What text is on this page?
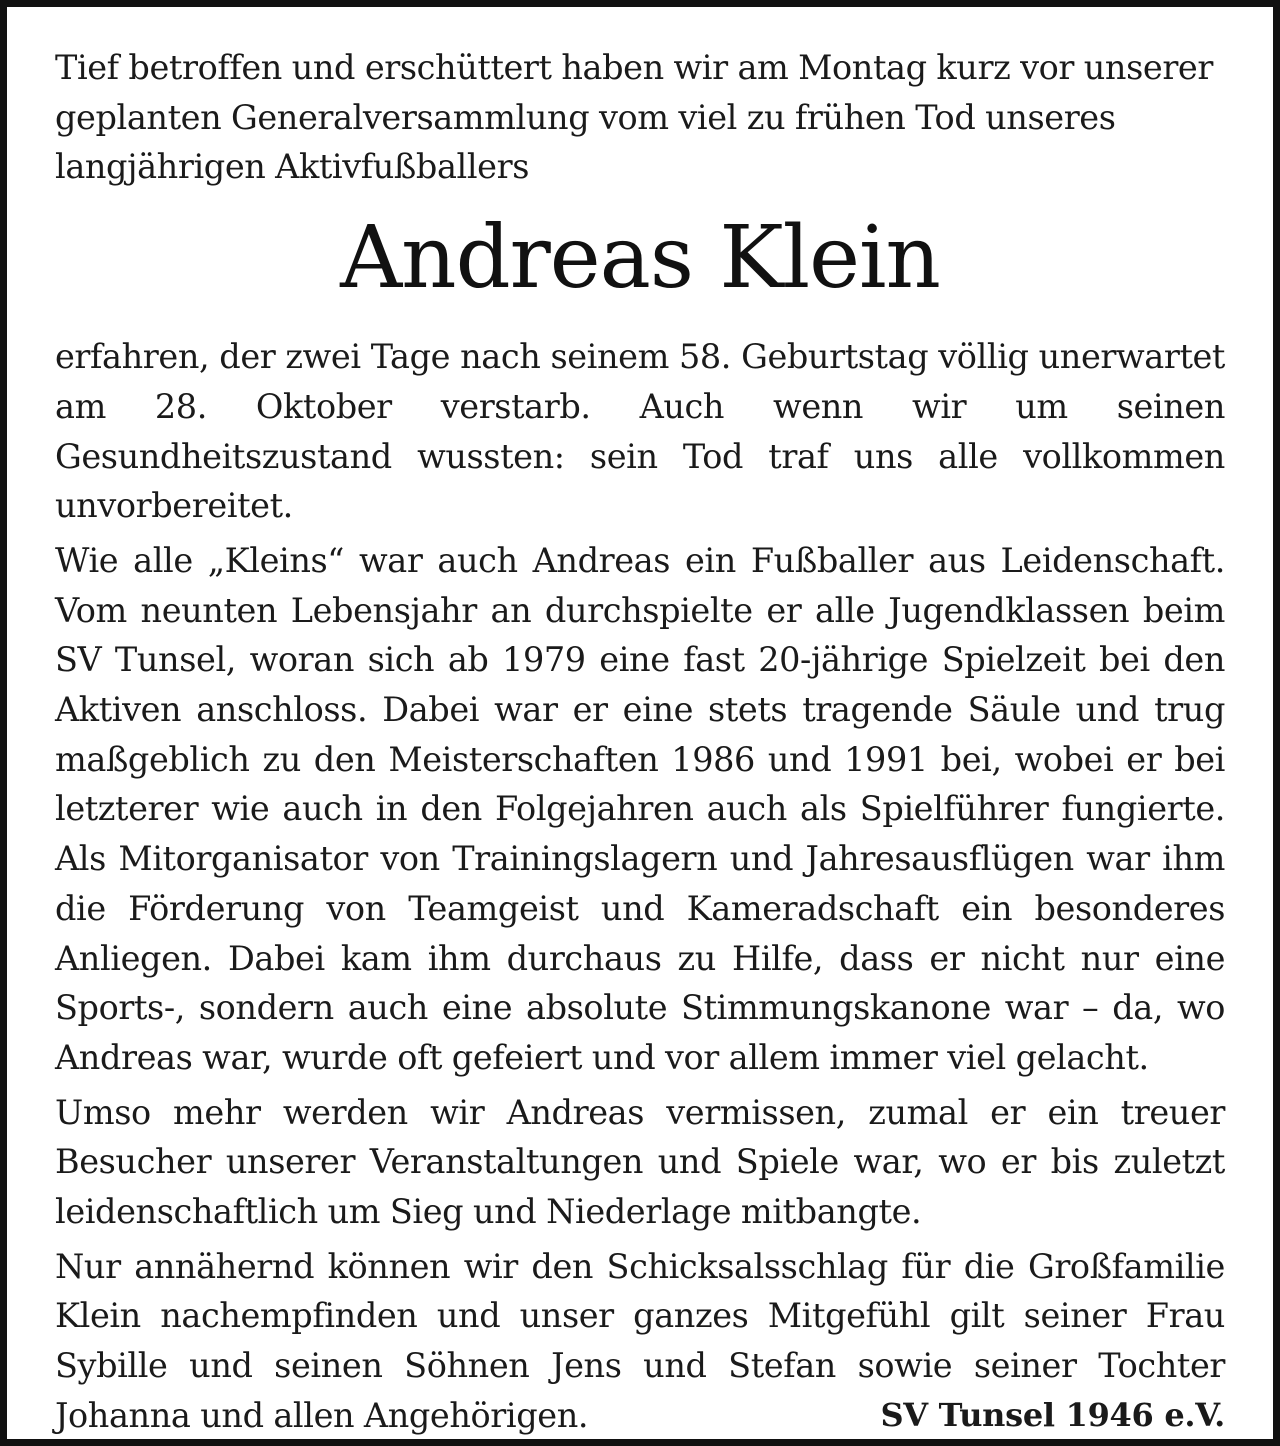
Tief betroffen und erschüttert haben wir am Montag kurz vor unserer geplanten Generalversammlung vom viel zu frühen Tod unseres langjährigen Aktivfußballers

Andreas Klein

erfahren, der zwei Tage nach seinem 58. Geburtstag völlig unerwartet am 28. Oktober verstarb. Auch wenn wir um seinen Gesundheitszustand wussten: sein Tod traf uns alle vollkommen unvorbereitet.

Wie alle „Kleins“ war auch Andreas ein Fußballer aus Leidenschaft. Vom neunten Lebensjahr an durchspielte er alle Jugendklassen beim SV Tunsel, woran sich ab 1979 eine fast 20-jährige Spielzeit bei den Aktiven anschloss. Dabei war er eine stets tragende Säule und trug maßgeblich zu den Meisterschaften 1986 und 1991 bei, wobei er bei letzterer wie auch in den Folgejahren auch als Spielführer fungierte. Als Mitorganisator von Trainingslagern und Jahresausflügen war ihm die Förderung von Teamgeist und Kameradschaft ein besonderes Anliegen. Dabei kam ihm durchaus zu Hilfe, dass er nicht nur eine Sports-, sondern auch eine absolute Stimmungskanone war – da, wo Andreas war, wurde oft gefeiert und vor allem immer viel gelacht.

Umso mehr werden wir Andreas vermissen, zumal er ein treuer Besucher unserer Veranstaltungen und Spiele war, wo er bis zuletzt leidenschaftlich um Sieg und Niederlage mitbangte.

Nur annähernd können wir den Schicksalsschlag für die Großfamilie Klein nachempfinden und unser ganzes Mitgefühl gilt seiner Frau Sybille und seinen Söhnen Jens und Stefan sowie seiner Tochter Johanna und allen Angehörigen.	SV Tunsel 1946 e.V.
